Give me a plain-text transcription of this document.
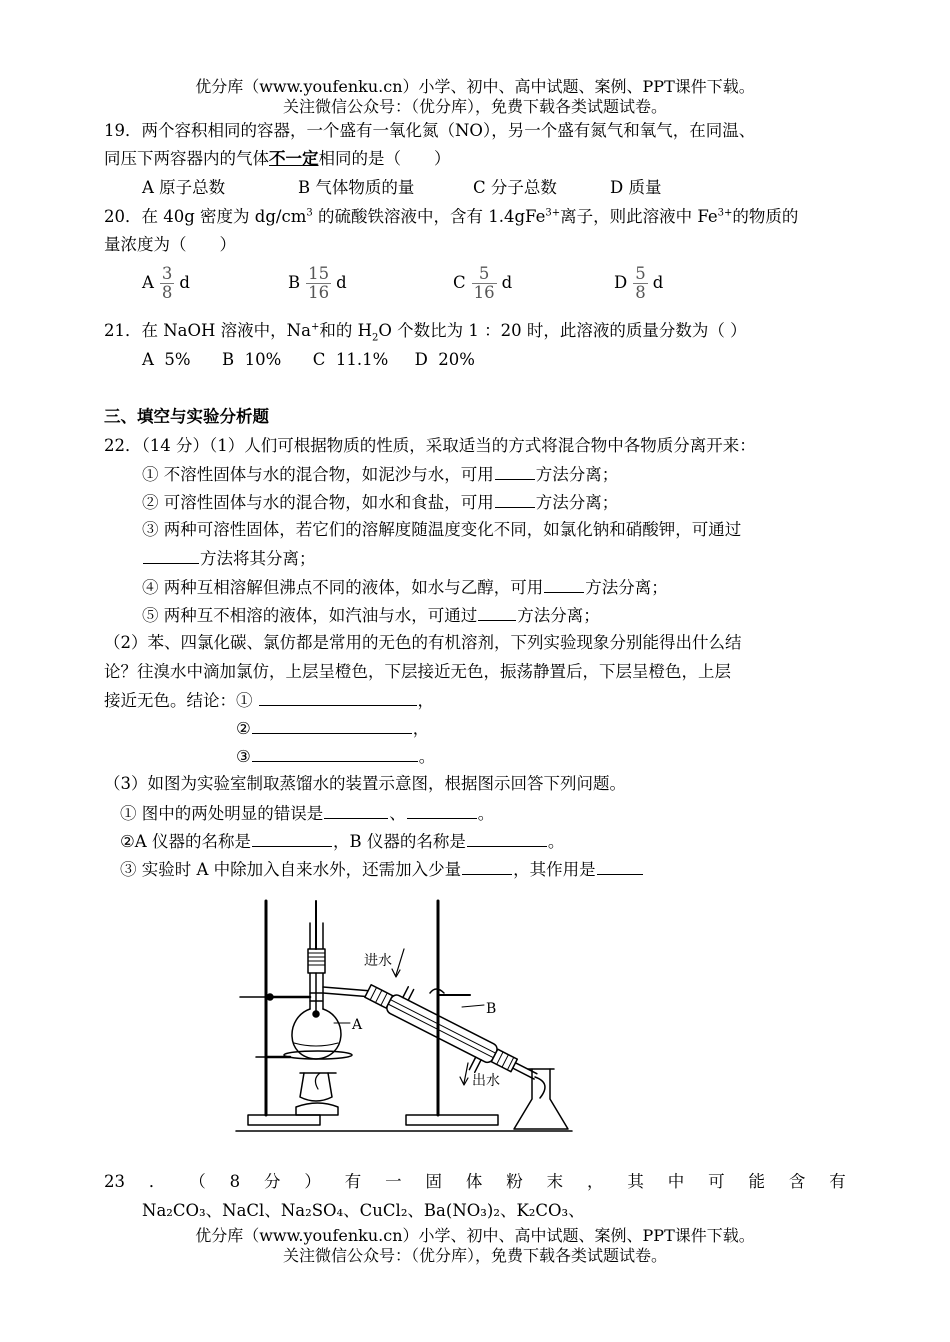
优分库（www.youfenku.cn）小学、初中、高中试题、案例、PPT课件下载。
关注微信公众号：（优分库），免费下载各类试题试卷。
19．两个容积相同的容器，一个盛有一氧化氮（NO），另一个盛有氮气和氧气，在同温、
同压下两容器内的气体不一定相同的是（　　）
A 原子总数	B 气体物质的量	C 分子总数	D 质量
20．在 40g 密度为 $dg/cm^3$ 的硫酸铁溶液中，含有 1.4gFe$^{3+}$离子，则此溶液中 $Fe^{3+}$的物质的
量浓度为（　　）
A $\frac{3}{8}$ d	B $\frac{15}{16}$ d	C $\frac{5}{16}$ d	D $\frac{5}{8}$ d
21．在 NaOH 溶液中，Na+和的 $H_2O$ 个数比为 1 ：20 时，此溶液的质量分数为（ ）
A  5%      B  10%      C  11.1%     D  20%
三、填空与实验分析题
22．（14 分）（1）人们可根据物质的性质，采取适当的方式将混合物中各物质分离开来：
① 不溶性固体与水的混合物，如泥沙与水，可用	方法分离；
② 可溶性固体与水的混合物，如水和食盐，可用	方法分离；
③ 两种可溶性固体，若它们的溶解度随温度变化不同，如氯化钠和硝酸钾，可通过
方法将其分离；
④ 两种互相溶解但沸点不同的液体，如水与乙醇，可用	方法分离；
⑤ 两种互不相溶的液体，如汽油与水，可通过 方法分离；
（2）苯、四氯化碳、氯仿都是常用的无色的有机溶剂，下列实验现象分别能得出什么结
论？往溴水中滴加氯仿，上层呈橙色，下层接近无色，振荡静置后，下层呈橙色，上层
接近无色。结论：①	，
②	，
③	。
（3）如图为实验室制取蒸馏水的装置示意图，根据图示回答下列问题。
① 图中的两处明显的错误是	、	。
②A 仪器的名称是	，B 仪器的名称是	。
③ 实验时 A 中除加入自来水外，还需加入少量	，其作用是
A
B
进水
出水
23 ． （ 8 分 ） 有 一 固 体 粉 末 ， 其 中 可 能 含 有
Na₂CO₃、NaCl、Na₂SO₄、CuCl₂、Ba(NO₃)₂、K₂CO₃、
优分库（www.youfenku.cn）小学、初中、高中试题、案例、PPT课件下载。
关注微信公众号：（优分库），免费下载各类试题试卷。
